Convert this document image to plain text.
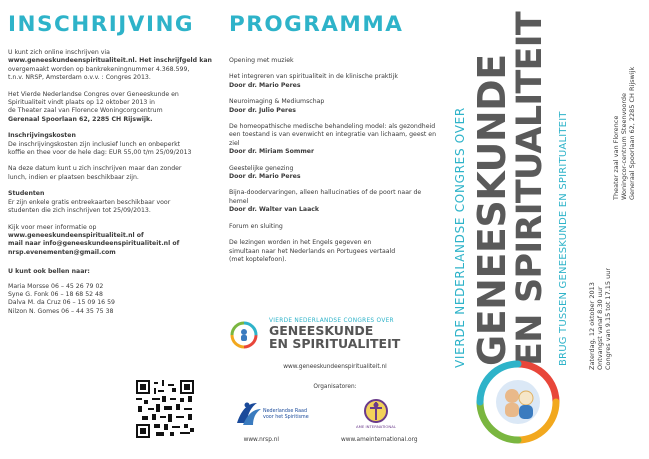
INSCHRIJVING

U kunt zich online inschrijven via

www.geneeskundeenspiritualiteit.nl. Het inschrijfgeld kan

overgemaakt worden op bankrekeningnummer 4.368.599,

t.n.v. NRSP, Amsterdam o.v.v. : Congres 2013.

Het Vierde Nederlandse Congres over Geneeskunde en

Spiritualiteit vindt plaats op 12 oktober 2013 in

de Theater zaal van Florence Woningcorgcentrum

Gerenaal Spoorlaan 62, 2285 CH Rijswijk.

Inschrijvingskosten

De inschrijvingskosten zijn inclusief lunch en onbeperkt

koffie en thee voor de hele dag: EUR 55,00 t/m 25/09/2013

Na deze datum kunt u zich inschrijven maar dan zonder

lunch, indien er plaatsen beschikbaar zijn.

Studenten

Er zijn enkele gratis entreekaarten beschikbaar voor

studenten die zich inschrijven tot 25/09/2013.

Kijk voor meer informatie op

www.geneeskundeenspiritualiteit.nl of

mail naar info@geneeskundeenspiritualiteit.nl of

nrsp.evenementen@gmail.com

U kunt ook bellen naar:

Maria Morsse 06 – 45 26 79 02

Syne G. Fonk 06 – 18 68 52 48

Dalva M. da Cruz 06 – 15 09 16 59

Nilzon N. Gomes 06 – 44 35 75 38

PROGRAMMA

Opening met muziek

Het integreren van spiritualiteit in de klinische praktijk

Door dr. Mario Peres

Neuroimaging & Mediumschap

Door dr. Julio Peres

De homeopathische medische behandeling model: als gezondheid een toestand is van evenwicht en integratie van lichaam, geest en ziel

Door dr. Miriam Sommer

Geestelijke genezing

Door dr. Mario Peres

Bijna-doodervaringen, alleen hallucinaties of de poort naar de hemel

Door dr. Walter van Laack

Forum en sluiting

De lezingen worden in het Engels gegeven en

simultaan naar het Nederlands en Portugees vertaald

(met koptelefoon).

VIERDE NEDERLANDSE CONGRES OVER
GENEESKUNDE
EN SPIRITUALITEIT
www.geneeskundeenspiritualiteit.nl
Organisatoren:
Nederlandse Raad
voor het Spiritisme
AME INTERNATIONAL
www.nrsp.nl	www.ameinternational.org
VIERDE NEDERLANDSE CONGRES OVER GENEESKUNDE
EN SPIRITUALITEIT BRUG TUSSEN GENEESKUNDE EN SPIRITUALITEIT	Zaterdag, 12 oktober 2013 Ontvangst vanaf 8.30 uur Congres van 9.15 tot 17.15 uur
Theater zaal van Florence Woningcor-centrum Steenvoorde Generaal Spoorlaan 62, 2285 CH Rijswijk
